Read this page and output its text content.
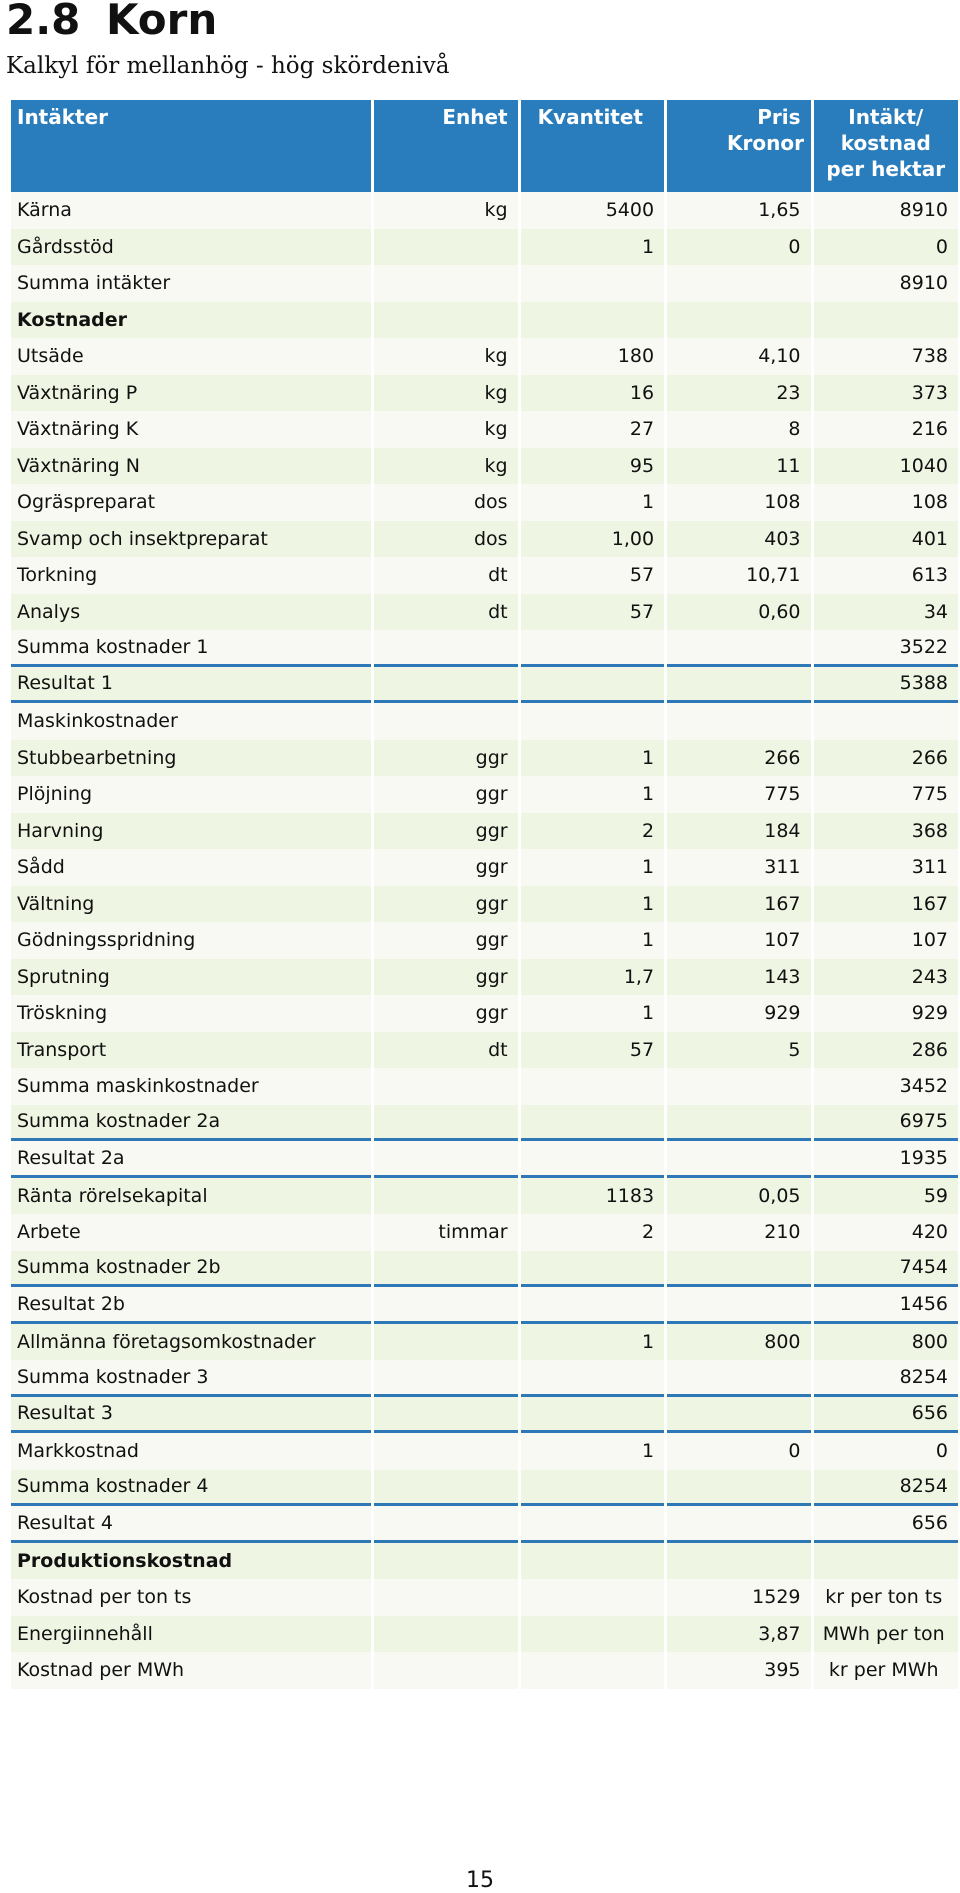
2.8 Korn
Kalkyl för mellanhög - hög skördenivå
Intäkter	Enhet	Kvantitet	Pris Kronor	Intäkt/ kostnad per hektar
Kärna	kg	5400	1,65	8910
Gårdsstöd		1	0	0
Summa intäkter				8910
Kostnader				
Utsäde	kg	180	4,10	738
Växtnäring P	kg	16	23	373
Växtnäring K	kg	27	8	216
Växtnäring N	kg	95	11	1040
Ogräspreparat	dos	1	108	108
Svamp och insektpreparat	dos	1,00	403	401
Torkning	dt	57	10,71	613
Analys	dt	57	0,60	34
Summa kostnader 1				3522
Resultat 1				5388
Maskinkostnader				
Stubbearbetning	ggr	1	266	266
Plöjning	ggr	1	775	775
Harvning	ggr	2	184	368
Sådd	ggr	1	311	311
Vältning	ggr	1	167	167
Gödningsspridning	ggr	1	107	107
Sprutning	ggr	1,7	143	243
Tröskning	ggr	1	929	929
Transport	dt	57	5	286
Summa maskinkostnader				3452
Summa kostnader 2a				6975
Resultat 2a				1935
Ränta rörelsekapital		1183	0,05	59
Arbete	timmar	2	210	420
Summa kostnader 2b				7454
Resultat 2b				1456
Allmänna företagsomkostnader		1	800	800
Summa kostnader 3				8254
Resultat 3				656
Markkostnad		1	0	0
Summa kostnader 4				8254
Resultat 4				656
Produktionskostnad				
Kostnad per ton ts			1529	kr per ton ts
Energiinnehåll			3,87	MWh per ton
Kostnad per MWh			395	kr per MWh
15
